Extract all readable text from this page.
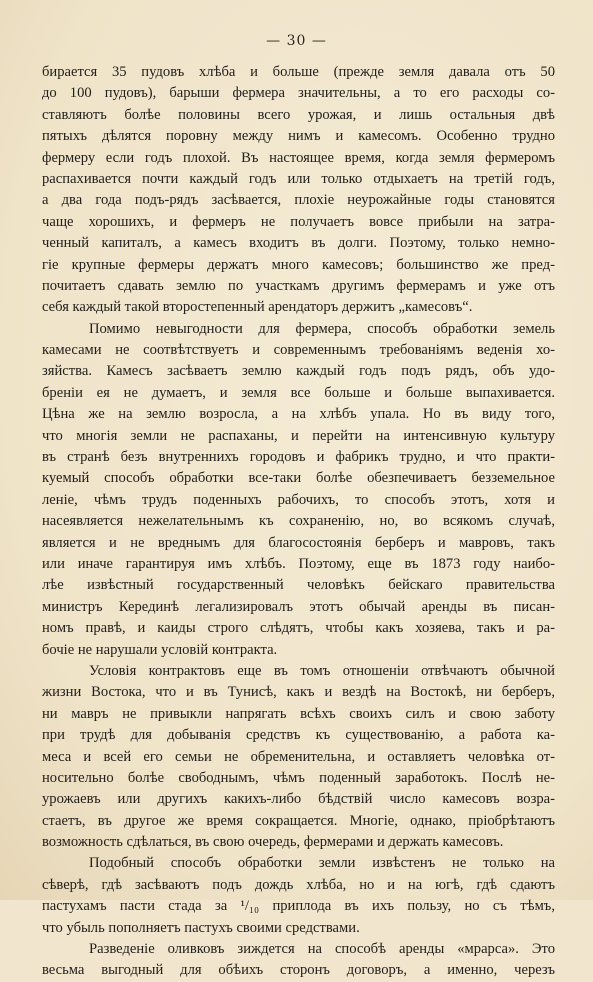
— 30 —
бирается 35 пудовъ хлѣба и больше (прежде земля давала отъ 50
до 100 пудовъ), барыши фермера значительны, а то его расходы со-
ставляютъ болѣе половины всего урожая, и лишь остальныя двѣ
пятыхъ дѣлятся поровну между нимъ и камесомъ. Особенно трудно
фермеру если годъ плохой. Въ настоящее время, когда земля фермеромъ
распахивается почти каждый годъ или только отдыхаетъ на третій годъ,
а два года подъ-рядъ засѣвается, плохіе неурожайные годы становятся
чаще хорошихъ, и фермеръ не получаетъ вовсе прибыли на затра-
ченный капиталъ, а камесъ входитъ въ долги. Поэтому, только немно-
гіе крупные фермеры держатъ много камесовъ; большинство же пред-
почитаетъ сдавать землю по участкамъ другимъ фермерамъ и уже отъ
себя каждый такой второстепенный арендаторъ держитъ „камесовъ“.
Помимо невыгодности для фермера, способъ обработки земель
камесами не соотвѣтствуетъ и современнымъ требованіямъ веденія хо-
зяйства. Камесъ засѣваетъ землю каждый годъ подъ рядъ, объ удо-
бреніи ея не думаетъ, и земля все больше и больше выпахивается.
Цѣна же на землю возросла, а на хлѣбъ упала. Но въ виду того,
что многія земли не распаханы, и перейти на интенсивную культуру
въ странѣ безъ внутреннихъ городовъ и фабрикъ трудно, и что практи-
куемый способъ обработки все-таки болѣе обезпечиваетъ безземельное
леніе, чѣмъ трудъ поденныхъ рабочихъ, то способъ этотъ, хотя и
насеявляется нежелательнымъ къ сохраненію, но, во всякомъ случаѣ,
является и не вреднымъ для благосостоянія берберъ и мавровъ, такъ
или иначе гарантируя имъ хлѣбъ. Поэтому, еще въ 1873 году наибо-
лѣе извѣстный государственный человѣкъ бейскаго правительства
министръ Керединѣ легализировалъ этотъ обычай аренды въ писан-
номъ правѣ, и каиды строго слѣдятъ, чтобы какъ хозяева, такъ и ра-
бочіе не нарушали условій контракта.
Условія контрактовъ еще въ томъ отношеніи отвѣчаютъ обычной
жизни Востока, что и въ Тунисѣ, какъ и вездѣ на Востокѣ, ни берберъ,
ни мавръ не привыкли напрягать всѣхъ своихъ силъ и свою заботу
при трудѣ для добыванія средствъ къ существованію, а работа ка-
меса и всей его семьи не обременительна, и оставляетъ человѣка от-
носительно болѣе свободнымъ, чѣмъ поденный заработокъ. Послѣ не-
урожаевъ или другихъ какихъ-либо бѣдствій число камесовъ возра-
стаетъ, въ другое же время сокращается. Многіе, однако, пріобрѣтаютъ
возможность сдѣлаться, въ свою очередь, фермерами и держать камесовъ.
Подобный способъ обработки земли извѣстенъ не только на
сѣверѣ, гдѣ засѣваютъ подъ дождь хлѣба, но и на югѣ, гдѣ сдаютъ
пастухамъ пасти стада за ¹/₁₀ приплода въ ихъ пользу, но съ тѣмъ,
что убыль пополняетъ пастухъ своими средствами.
Разведеніе оливковъ зиждется на способѣ аренды «мрарса». Это
весьма выгодный для обѣихъ сторонъ договоръ, а именно, черезъ
